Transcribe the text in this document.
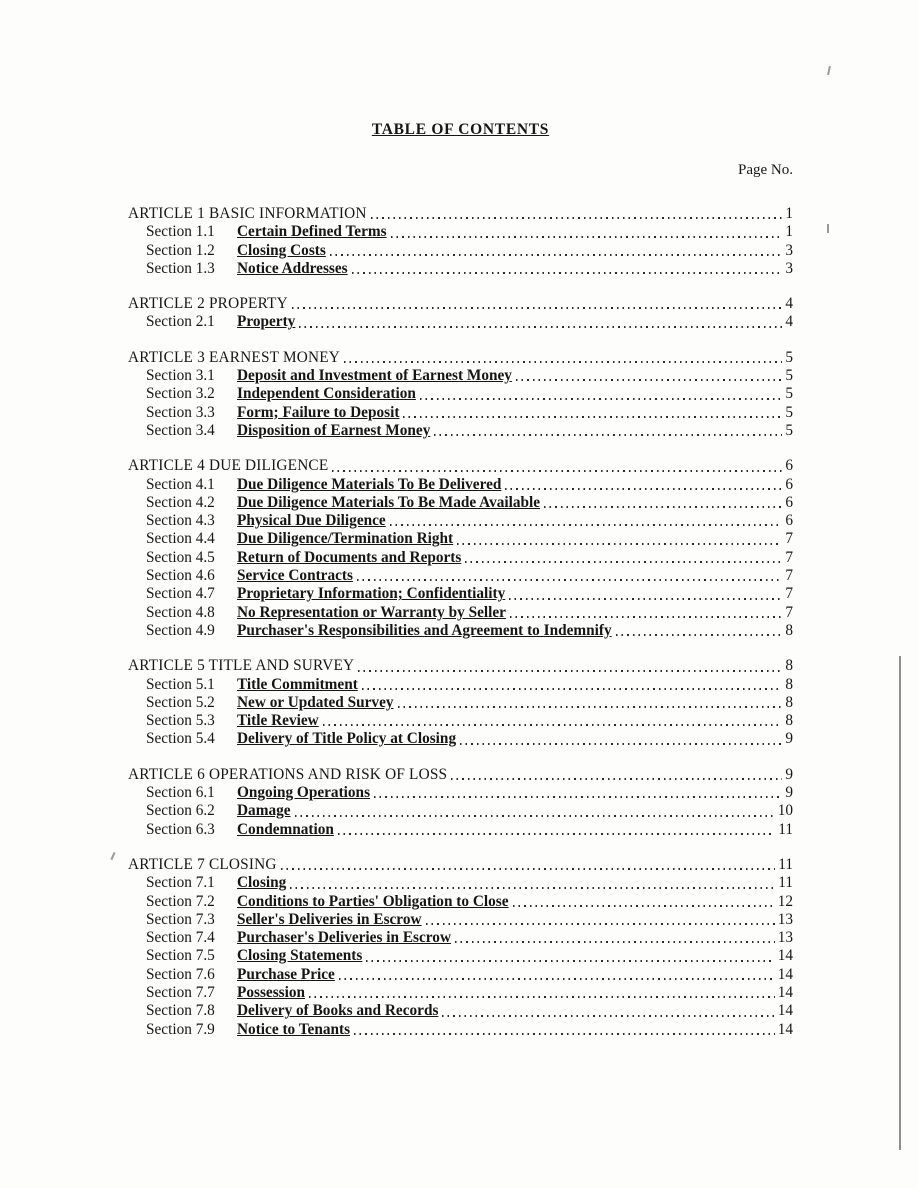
TABLE OF CONTENTS
Page No.
ARTICLE 1 BASIC INFORMATION	1
Section 1.1	Certain Defined Terms	1
Section 1.2	Closing Costs	3
Section 1.3	Notice Addresses	3
ARTICLE 2 PROPERTY	4
Section 2.1	Property	4
ARTICLE 3 EARNEST MONEY	5
Section 3.1	Deposit and Investment of Earnest Money	5
Section 3.2	Independent Consideration	5
Section 3.3	Form; Failure to Deposit	5
Section 3.4	Disposition of Earnest Money	5
ARTICLE 4 DUE DILIGENCE	6
Section 4.1	Due Diligence Materials To Be Delivered	6
Section 4.2	Due Diligence Materials To Be Made Available	6
Section 4.3	Physical Due Diligence	6
Section 4.4	Due Diligence/Termination Right	7
Section 4.5	Return of Documents and Reports	7
Section 4.6	Service Contracts	7
Section 4.7	Proprietary Information; Confidentiality	7
Section 4.8	No Representation or Warranty by Seller	7
Section 4.9	Purchaser's Responsibilities and Agreement to Indemnify	8
ARTICLE 5 TITLE AND SURVEY	8
Section 5.1	Title Commitment	8
Section 5.2	New or Updated Survey	8
Section 5.3	Title Review	8
Section 5.4	Delivery of Title Policy at Closing	9
ARTICLE 6 OPERATIONS AND RISK OF LOSS	9
Section 6.1	Ongoing Operations	9
Section 6.2	Damage	10
Section 6.3	Condemnation	11
ARTICLE 7 CLOSING	11
Section 7.1	Closing	11
Section 7.2	Conditions to Parties' Obligation to Close	12
Section 7.3	Seller's Deliveries in Escrow	13
Section 7.4	Purchaser's Deliveries in Escrow	13
Section 7.5	Closing Statements	14
Section 7.6	Purchase Price	14
Section 7.7	Possession	14
Section 7.8	Delivery of Books and Records	14
Section 7.9	Notice to Tenants	14
